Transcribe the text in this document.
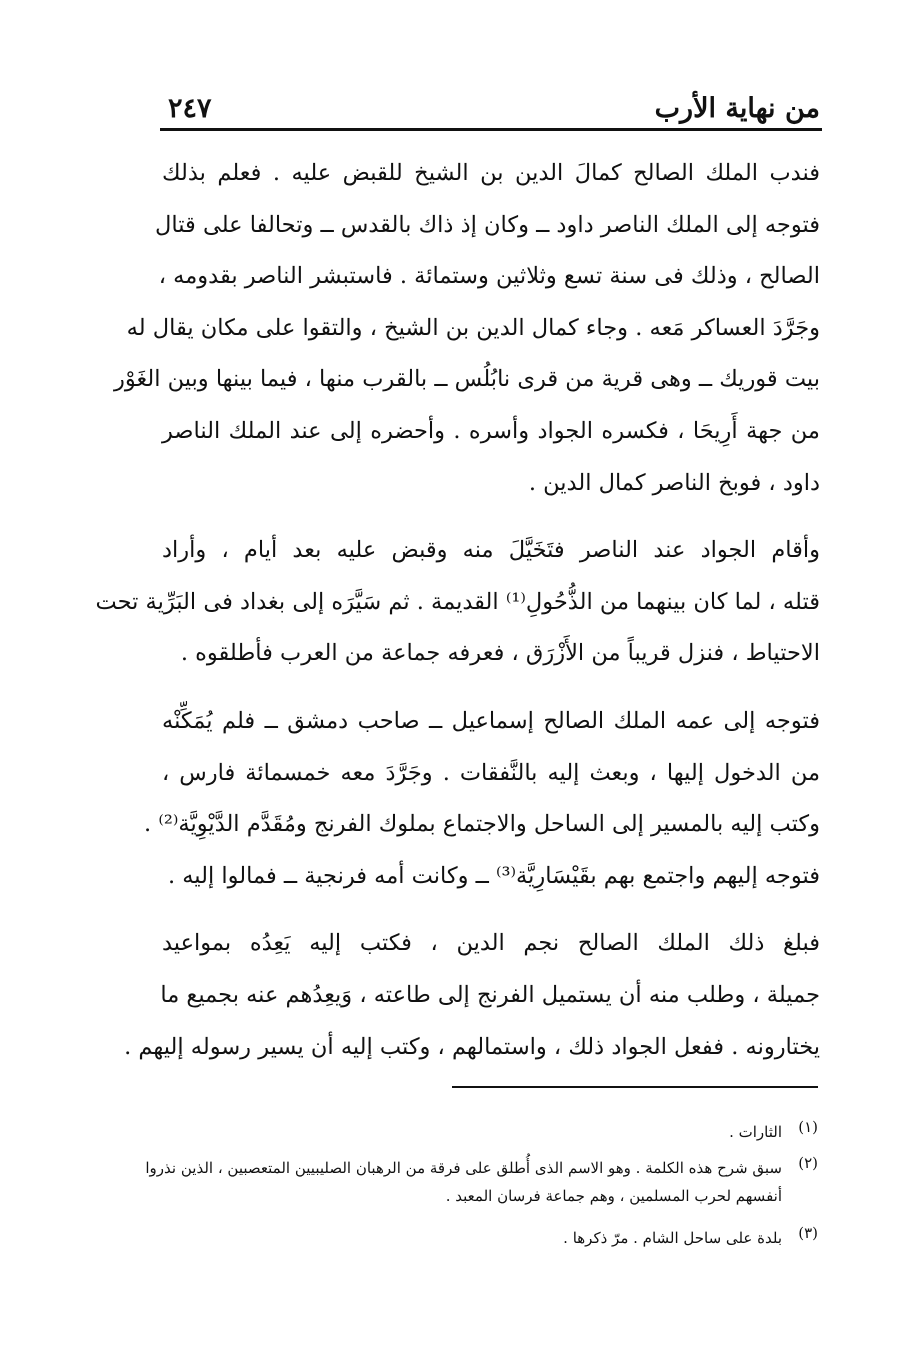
من نهاية الأرب
٢٤٧
فندب الملك الصالح كمالَ الدين بن الشيخ للقبض عليه . فعلم بذلك
فتوجه إلى الملك الناصر داود ــ وكان إذ ذاك بالقدس ــ وتحالفا على قتال
الصالح ، وذلك فى سنة تسع وثلاثين وستمائة . فاستبشر الناصر بقدومه ،
وجَرَّدَ العساكر مَعه . وجاء كمال الدين بن الشيخ ، والتقوا على مكان يقال له
بيت قوريك ــ وهى قرية من قرى نابُلُس ــ بالقرب منها ، فيما بينها وبين الغَوْر
من جهة أَرِيحَا ، فكسره الجواد وأسره . وأحضره إلى عند الملك الناصر
داود ، فوبخ الناصر كمال الدين .
وأقام الجواد عند الناصر فتَخَيَّلَ منه وقبض عليه بعد أيام ، وأراد
قتله ، لما كان بينهما من الذُّحُولِ⁽¹⁾ القديمة . ثم سَيَّرَه إلى بغداد فى البَرِّية تحت
الاحتياط ، فنزل قريباً من الأَزْرَق ، فعرفه جماعة من العرب فأطلقوه .
فتوجه إلى عمه الملك الصالح إسماعيل ــ صاحب دمشق ــ فلم يُمَكِّنْه
من الدخول إليها ، وبعث إليه بالنَّفقات . وجَرَّدَ معه خمسمائة فارس ،
وكتب إليه بالمسير إلى الساحل والاجتماع بملوك الفرنج ومُقَدَّم الدَّيْوِيَّة⁽²⁾ .
فتوجه إليهم واجتمع بهم بقَيْسَارِيَّة⁽³⁾ ــ وكانت أمه فرنجية ــ فمالوا إليه .
فبلغ ذلك الملك الصالح نجم الدين ، فكتب إليه يَعِدُه بمواعيد
جميلة ، وطلب منه أن يستميل الفرنج إلى طاعته ، وَيعِدُهم عنه بجميع ما
يختارونه . ففعل الجواد ذلك ، واستمالهم ، وكتب إليه أن يسير رسوله إليهم .
(١)
الثارات .
(٢)
سبق شرح هذه الكلمة . وهو الاسم الذى أُطلق على فرقة من الرهبان الصليبيين المتعصبين ، الذين نذروا
أنفسهم لحرب المسلمين ، وهم جماعة فرسان المعبد .
(٣)
بلدة على ساحل الشام . مرّ ذكرها .
